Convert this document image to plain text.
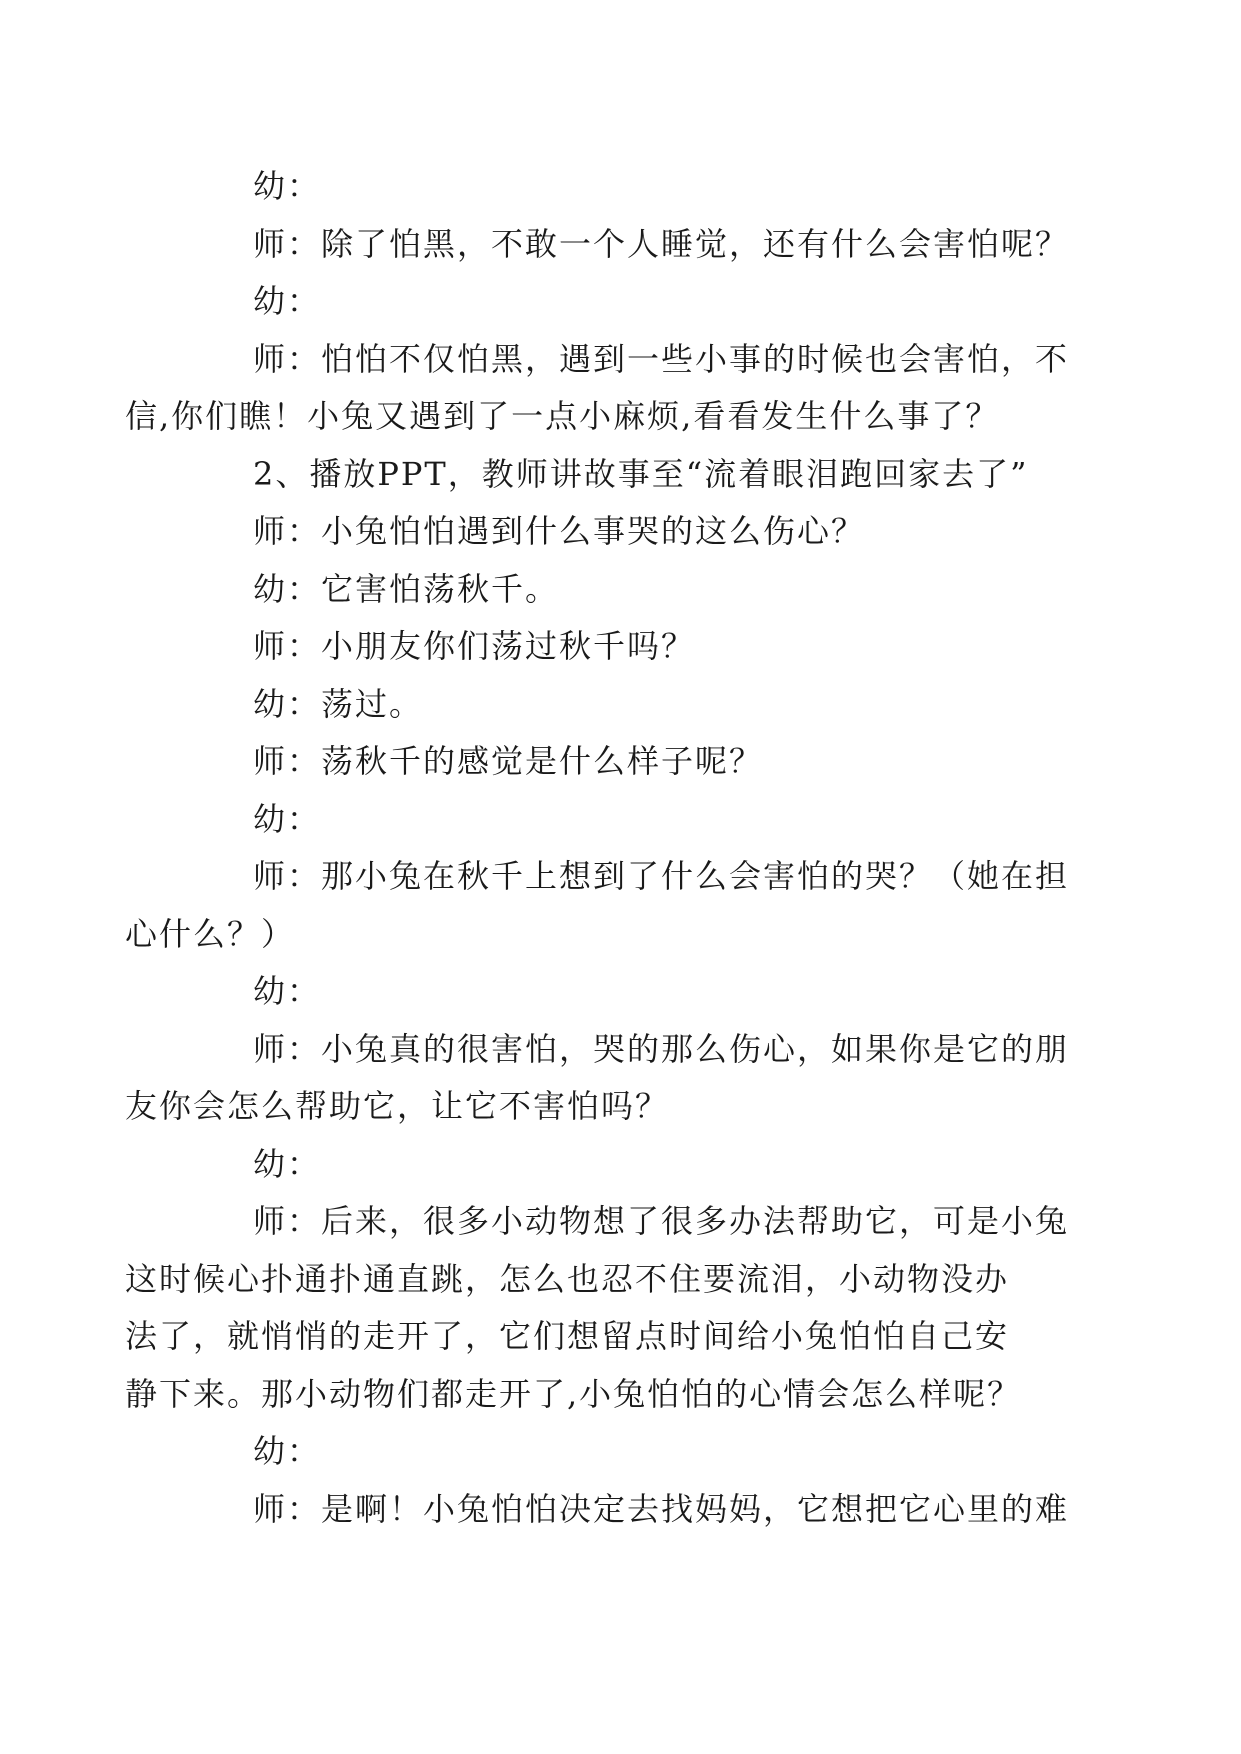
幼：

师：除了怕黑，不敢一个人睡觉，还有什么会害怕呢？

幼：

师：怕怕不仅怕黑，遇到一些小事的时候也会害怕，不
信,你们瞧！小兔又遇到了一点小麻烦,看看发生什么事了？

2、播放PPT，教师讲故事至“流着眼泪跑回家去了”

师：小兔怕怕遇到什么事哭的这么伤心？

幼：它害怕荡秋千。

师：小朋友你们荡过秋千吗？

幼：荡过。

师：荡秋千的感觉是什么样子呢？

幼：

师：那小兔在秋千上想到了什么会害怕的哭？（她在担
心什么？）

幼：

师：小兔真的很害怕，哭的那么伤心，如果你是它的朋
友你会怎么帮助它，让它不害怕吗？

幼：

师：后来，很多小动物想了很多办法帮助它，可是小兔
这时候心扑通扑通直跳，怎么也忍不住要流泪，小动物没办
法了，就悄悄的走开了，它们想留点时间给小兔怕怕自己安
静下来。那小动物们都走开了,小兔怕怕的心情会怎么样呢？

幼：

师：是啊！小兔怕怕决定去找妈妈，它想把它心里的难
